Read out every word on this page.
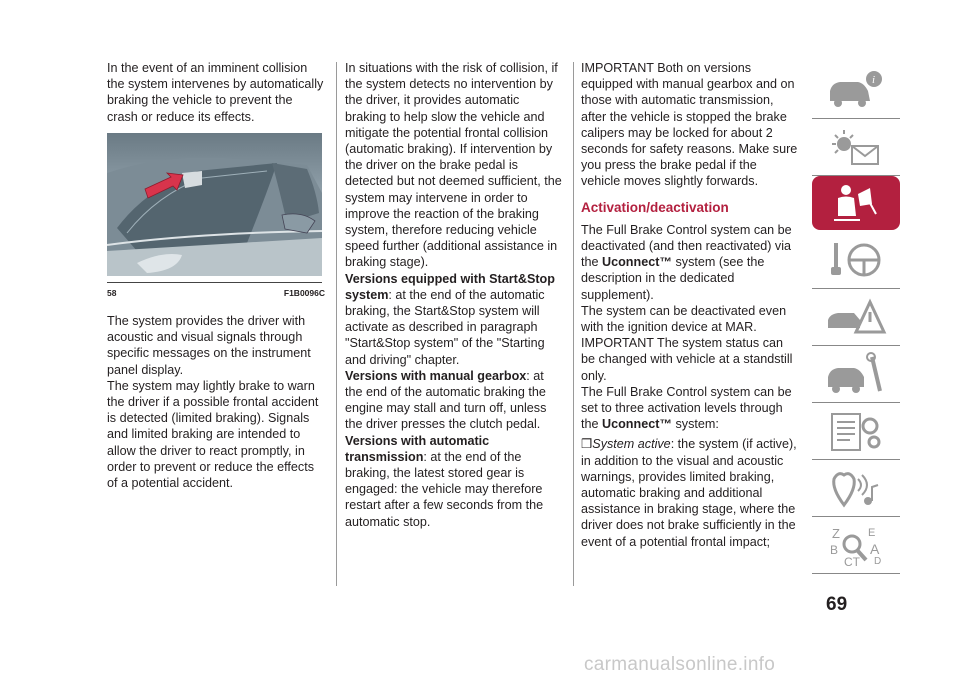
In the event of an imminent collision the system intervenes by automatically braking the vehicle to prevent the crash or reduce its effects.

58	F1B0096C

The system provides the driver with acoustic and visual signals through specific messages on the instrument panel display.

The system may lightly brake to warn the driver if a possible frontal accident is detected (limited braking). Signals and limited braking are intended to allow the driver to react promptly, in order to prevent or reduce the effects of a potential accident.

In situations with the risk of collision, if the system detects no intervention by the driver, it provides automatic braking to help slow the vehicle and mitigate the potential frontal collision (automatic braking). If intervention by the driver on the brake pedal is detected but not deemed sufficient, the system may intervene in order to improve the reaction of the braking system, therefore reducing vehicle speed further (additional assistance in braking stage).

Versions equipped with Start&Stop system: at the end of the automatic braking, the Start&Stop system will activate as described in paragraph "Start&Stop system" of the "Starting and driving" chapter.

Versions with manual gearbox: at the end of the automatic braking the engine may stall and turn off, unless the driver presses the clutch pedal.

Versions with automatic transmission: at the end of the braking, the latest stored gear is engaged: the vehicle may therefore restart after a few seconds from the automatic stop.

IMPORTANT Both on versions equipped with manual gearbox and on those with automatic transmission, after the vehicle is stopped the brake calipers may be locked for about 2 seconds for safety reasons. Make sure you press the brake pedal if the vehicle moves slightly forwards.

Activation/deactivation

The Full Brake Control system can be deactivated (and then reactivated) via the Uconnect™ system (see the description in the dedicated supplement).

The system can be deactivated even with the ignition device at MAR.

IMPORTANT The system status can be changed with vehicle at a standstill only.

The Full Brake Control system can be set to three activation levels through the Uconnect™ system:

❒System active: the system (if active), in addition to the visual and acoustic warnings, provides limited braking, automatic braking and additional assistance in braking stage, where the driver does not brake sufficiently in the event of a potential frontal impact;

i
Z	E
B A
D
CT
69
carmanualsonline.info
